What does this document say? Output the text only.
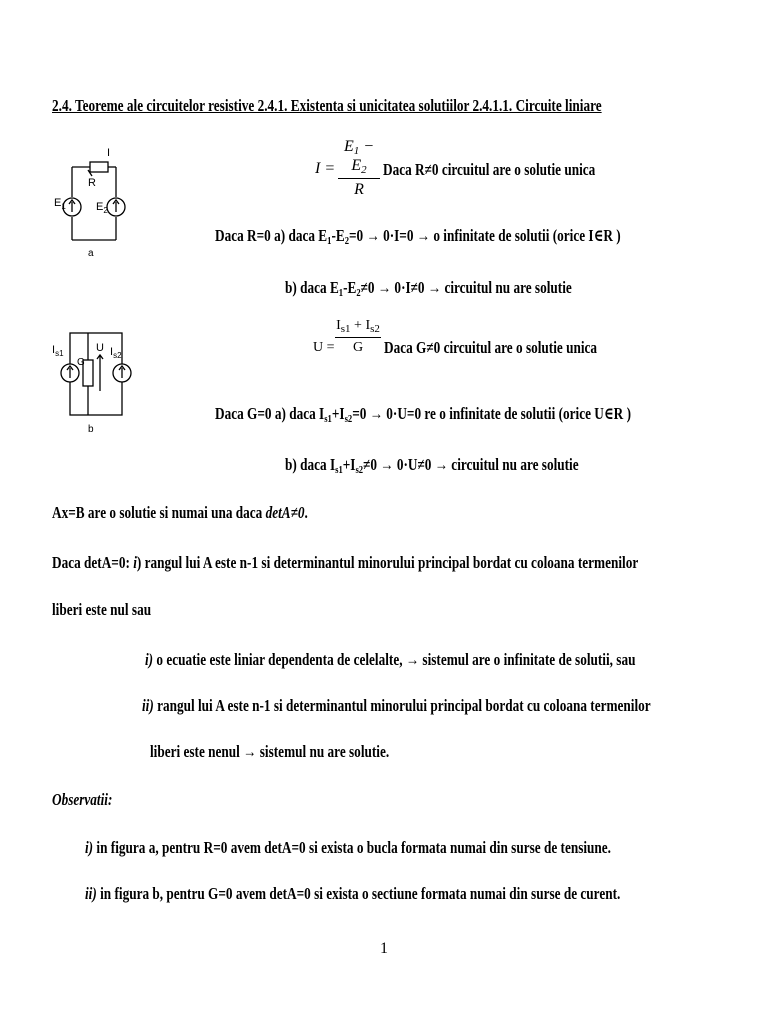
2.4. Teoreme ale circuitelor resistive 2.4.1. Existenta si unicitatea solutiilor 2.4.1.1. Circuite liniare
I
R
$E_1$	$E_2$
a
I =
$E_1 - E_2$
R
Daca R≠0 circuitul are o solutie unica
Daca R=0 a) daca $E_1-E_2=0 \to 0\cdot I=0 \to o$ infinitate de solutii (orice I∈R )
b) daca $E_1-E_2\ne 0 \to 0\cdot I\ne 0$ → circuitul nu are solutie
$I_{s1}$
G
U $I_{s2}$
b
U =
$I_{s1} + I_{s2}$
G	Daca G≠0 circuitul are o solutie unica
Daca G=0 a) daca $I_{s1}+I_{s2}=0 \to 0\cdot U=0$ re o infinitate de solutii (orice U∈R )
b) daca $I_{s1}+I_{s2}\ne 0 \to 0\cdot U\ne 0$ → circuitul nu are solutie
Ax=B are o solutie si numai una daca detA≠0.
Daca detA=0: i) rangul lui A este n-1 si determinantul minorului principal bordat cu coloana termenilor
liberi este nul sau
i) o ecuatie este liniar dependenta de celelalte, → sistemul are o infinitate de solutii, sau
ii) rangul lui A este n-1 si determinantul minorului principal bordat cu coloana termenilor
liberi este nenul → sistemul nu are solutie.
Observatii:
i) in figura a, pentru R=0 avem detA=0 si exista o bucla formata numai din surse de tensiune.
ii) in figura b, pentru G=0 avem detA=0 si exista o sectiune formata numai din surse de curent.
1
